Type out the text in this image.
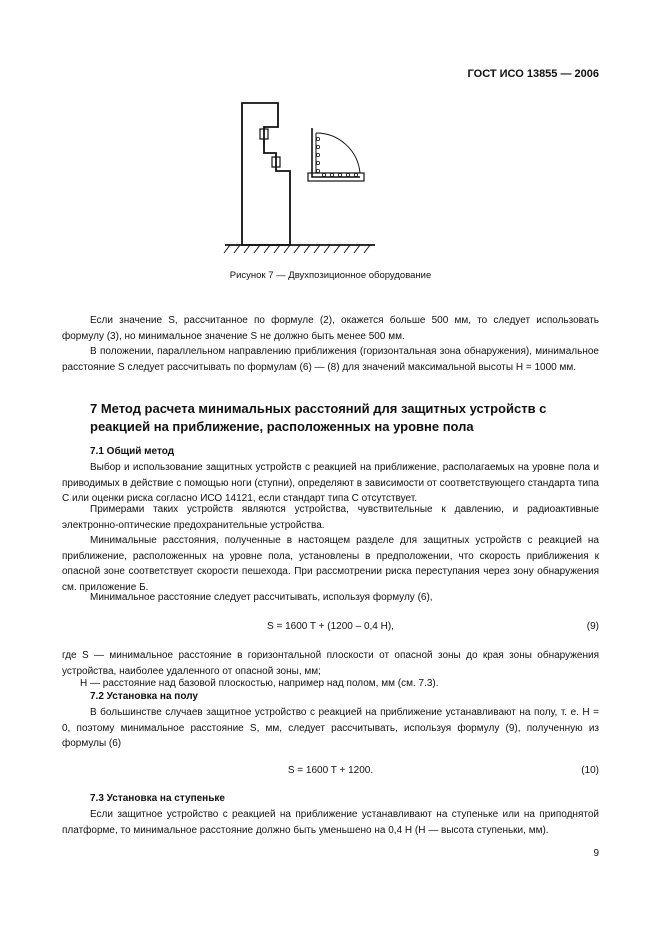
ГОСТ ИСО 13855 — 2006
Рисунок 7 — Двухпозиционное оборудование

Если значение S, рассчитанное по формуле (2), окажется больше 500 мм, то следует использовать формулу (3), но минимальное значение S не должно быть менее 500 мм.

В положении, параллельном направлению приближения (горизонтальная зона обнаружения), минимальное расстояние S следует рассчитывать по формулам (6) — (8) для значений максимальной высоты H = 1000 мм.

7 Метод расчета минимальных расстояний для защитных устройств с реакцией на приближение, расположенных на уровне пола
7.1 Общий метод

Выбор и использование защитных устройств с реакцией на приближение, располагаемых на уровне пола и приводимых в действие с помощью ноги (ступни), определяют в зависимости от соответствующего стандарта типа С или оценки риска согласно ИСО 14121, если стандарт типа С отсутствует.

Примерами таких устройств являются устройства, чувствительные к давлению, и радиоактивные электронно-оптические предохранительные устройства.

Минимальные расстояния, полученные в настоящем разделе для защитных устройств с реакцией на приближение, расположенных на уровне пола, установлены в предположении, что скорость приближения к опасной зоне соответствует скорости пешехода. При рассмотрении риска переступания через зону обнаружения см. приложение Б.

Минимальное расстояние следует рассчитывать, используя формулу (6),

S = 1600 T + (1200 – 0,4 H),	(9)

где S — минимальное расстояние в горизонтальной плоскости от опасной зоны до края зоны обнаружения устройства, наиболее удаленного от опасной зоны, мм;

H — расстояние над базовой плоскостью, например над полом, мм (см. 7.3).

7.2 Установка на полу

В большинстве случаев защитное устройство с реакцией на приближение устанавливают на полу, т. е. H = 0, поэтому минимальное расстояние S, мм, следует рассчитывать, используя формулу (9), полученную из формулы (6)

S = 1600 T + 1200.	(10)
7.3 Установка на ступеньке

Если защитное устройство с реакцией на приближение устанавливают на ступеньке или на приподнятой платформе, то минимальное расстояние должно быть уменьшено на 0,4 H (H — высота ступеньки, мм).

9
